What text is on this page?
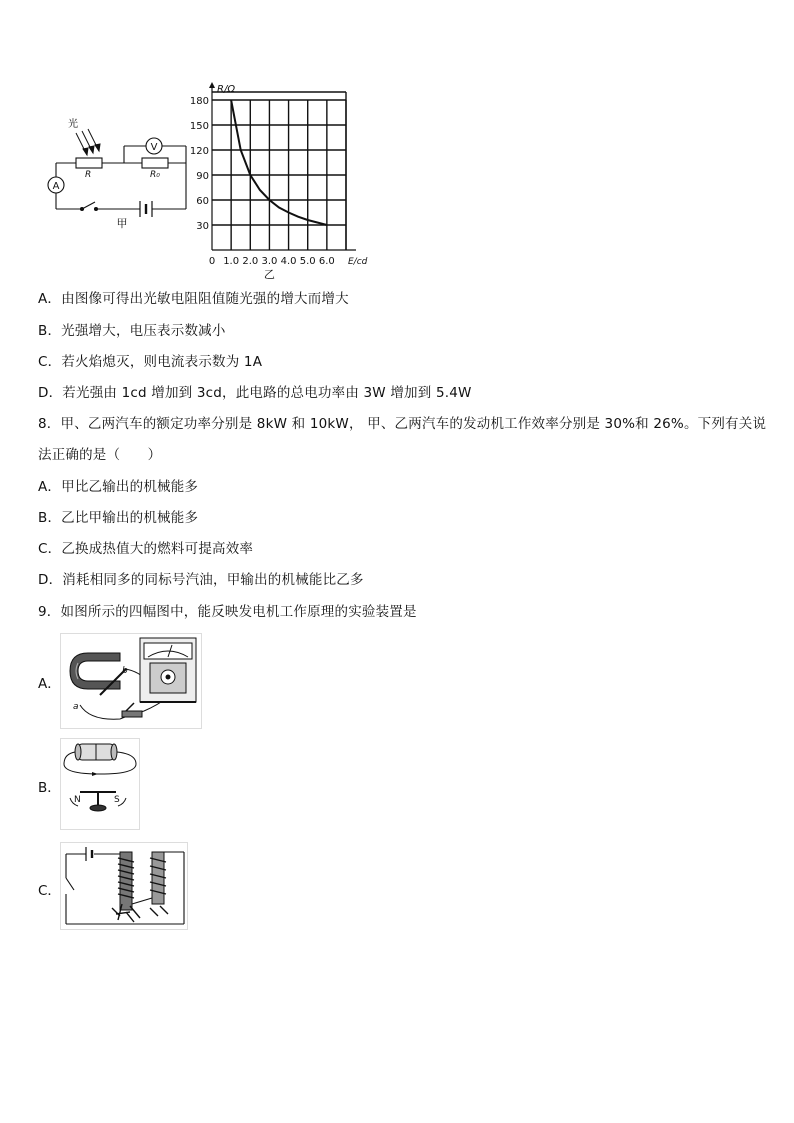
光
R	R₀
V
A
甲	30
60
90
120
150
180
0 1.0 2.0 3.0 4.0 5.0 6.0
R/Ω
E/cd
乙
A．由图像可得出光敏电阻阻值随光强的增大而增大
B．光强增大，电压表示数减小
C．若火焰熄灭，则电流表示数为 1A
D．若光强由 1cd 增加到 3cd，此电路的总电功率由 3W 增加到 5.4W
8．甲、乙两汽车的额定功率分别是 8kW 和 10kW， 甲、乙两汽车的发动机工作效率分别是 30%和 26%。下列有关说
法正确的是（　　）
A．甲比乙输出的机械能多
B．乙比甲输出的机械能多
C．乙换成热值大的燃料可提高效率
D．消耗相同多的同标号汽油，甲输出的机械能比乙多
9．如图所示的四幅图中，能反映发电机工作原理的实验装置是
A．
a
b
B．
N	S
C．
